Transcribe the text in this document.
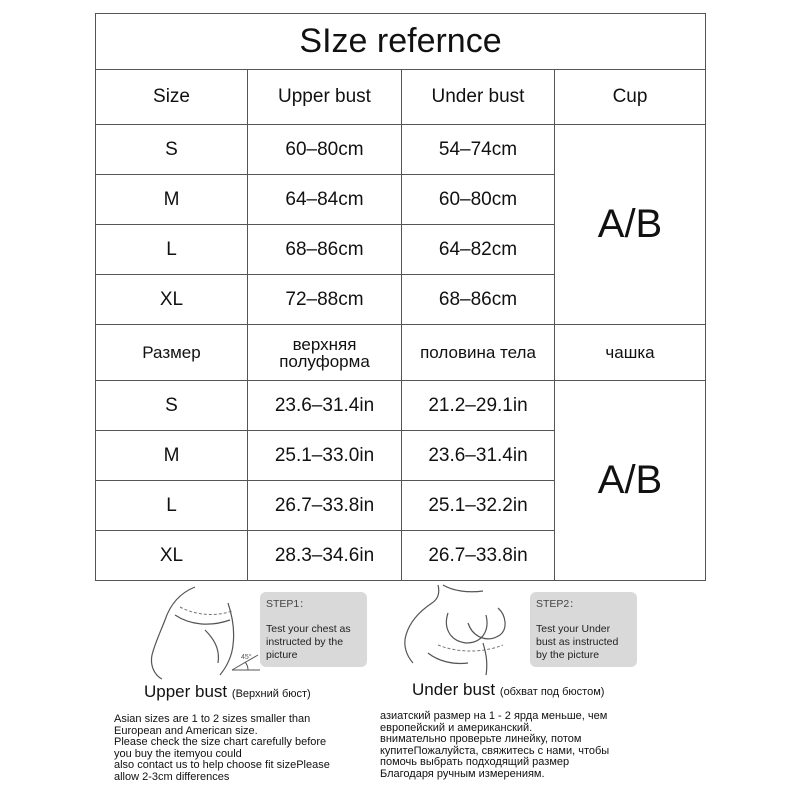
SIze refernce			
Size	Upper bust	Under bust	Cup
S	60–80cm	54–74cm	A/B
M	64–84cm	60–80cm	
L	68–86cm	64–82cm	
XL	72–88cm	68–86cm	
Размер	верхняя полуформа	половина тела	чашка
S	23.6–31.4in	21.2–29.1in	A/B
M	25.1–33.0in	23.6–31.4in	
L	26.7–33.8in	25.1–32.2in	
XL	28.3–34.6in	26.7–33.8in	
45°
STEP1：
Test your chest as instructed by the picture
STEP2：
Test your Under bust as instructed by the picture
Upper bust (Верхний бюст)	Under bust (обхват под бюстом)
Asian sizes are 1 to 2 sizes smaller than
European and American size.
Please check the size chart carefully before
you buy the itemyou could
also contact us to help choose fit sizePlease
allow 2-3cm differences
азиатский размер на 1 - 2 ярда меньше, чем
европейский и американский.
внимательно проверьте линейку, потом
купитеПожалуйста, свяжитесь с нами, чтобы
помочь выбрать подходящий размер
Благодаря ручным измерениям.
